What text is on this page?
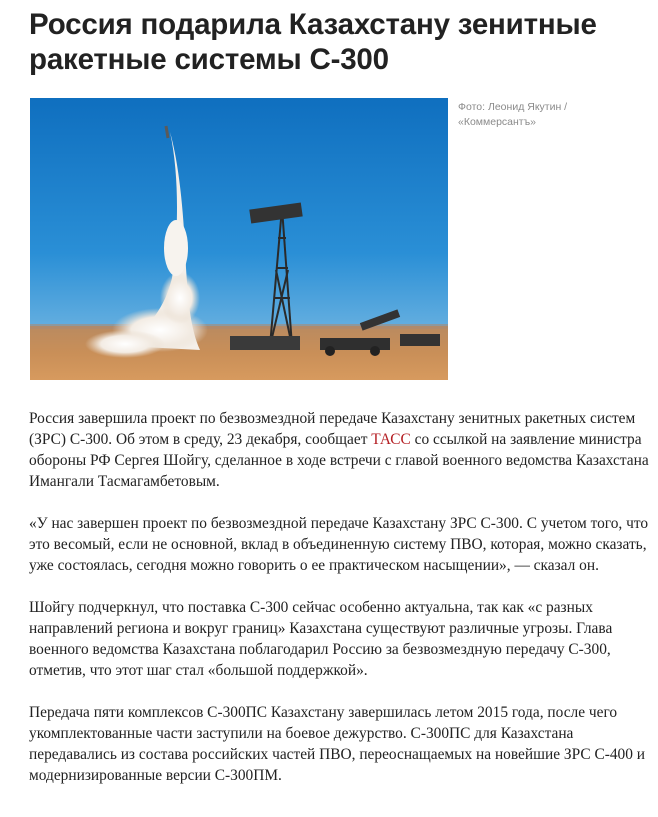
Россия подарила Казахстану зенитные ракетные системы С-300
Фото: Леонид Якутин / «Коммерсантъ»

Россия завершила проект по безвозмездной передаче Казахстану зенитных ракетных систем (ЗРС) С-300. Об этом в среду, 23 декабря, сообщает ТАСС со ссылкой на заявление министра обороны РФ Сергея Шойгу, сделанное в ходе встречи с главой военного ведомства Казахстана Имангали Тасмагамбетовым.

«У нас завершен проект по безвозмездной передаче Казахстану ЗРС С-300. С учетом того, что это весомый, если не основной, вклад в объединенную систему ПВО, которая, можно сказать, уже состоялась, сегодня можно говорить о ее практическом насыщении», — сказал он.

Шойгу подчеркнул, что поставка С-300 сейчас особенно актуальна, так как «с разных направлений региона и вокруг границ» Казахстана существуют различные угрозы. Глава военного ведомства Казахстана поблагодарил Россию за безвозмездную передачу С-300, отметив, что этот шаг стал «большой поддержкой».

Передача пяти комплексов С-300ПС Казахстану завершилась летом 2015 года, после чего укомплектованные части заступили на боевое дежурство. С-300ПС для Казахстана передавались из состава российских частей ПВО, переоснащаемых на новейшие ЗРС С-400 и модернизированные версии С-300ПМ.
